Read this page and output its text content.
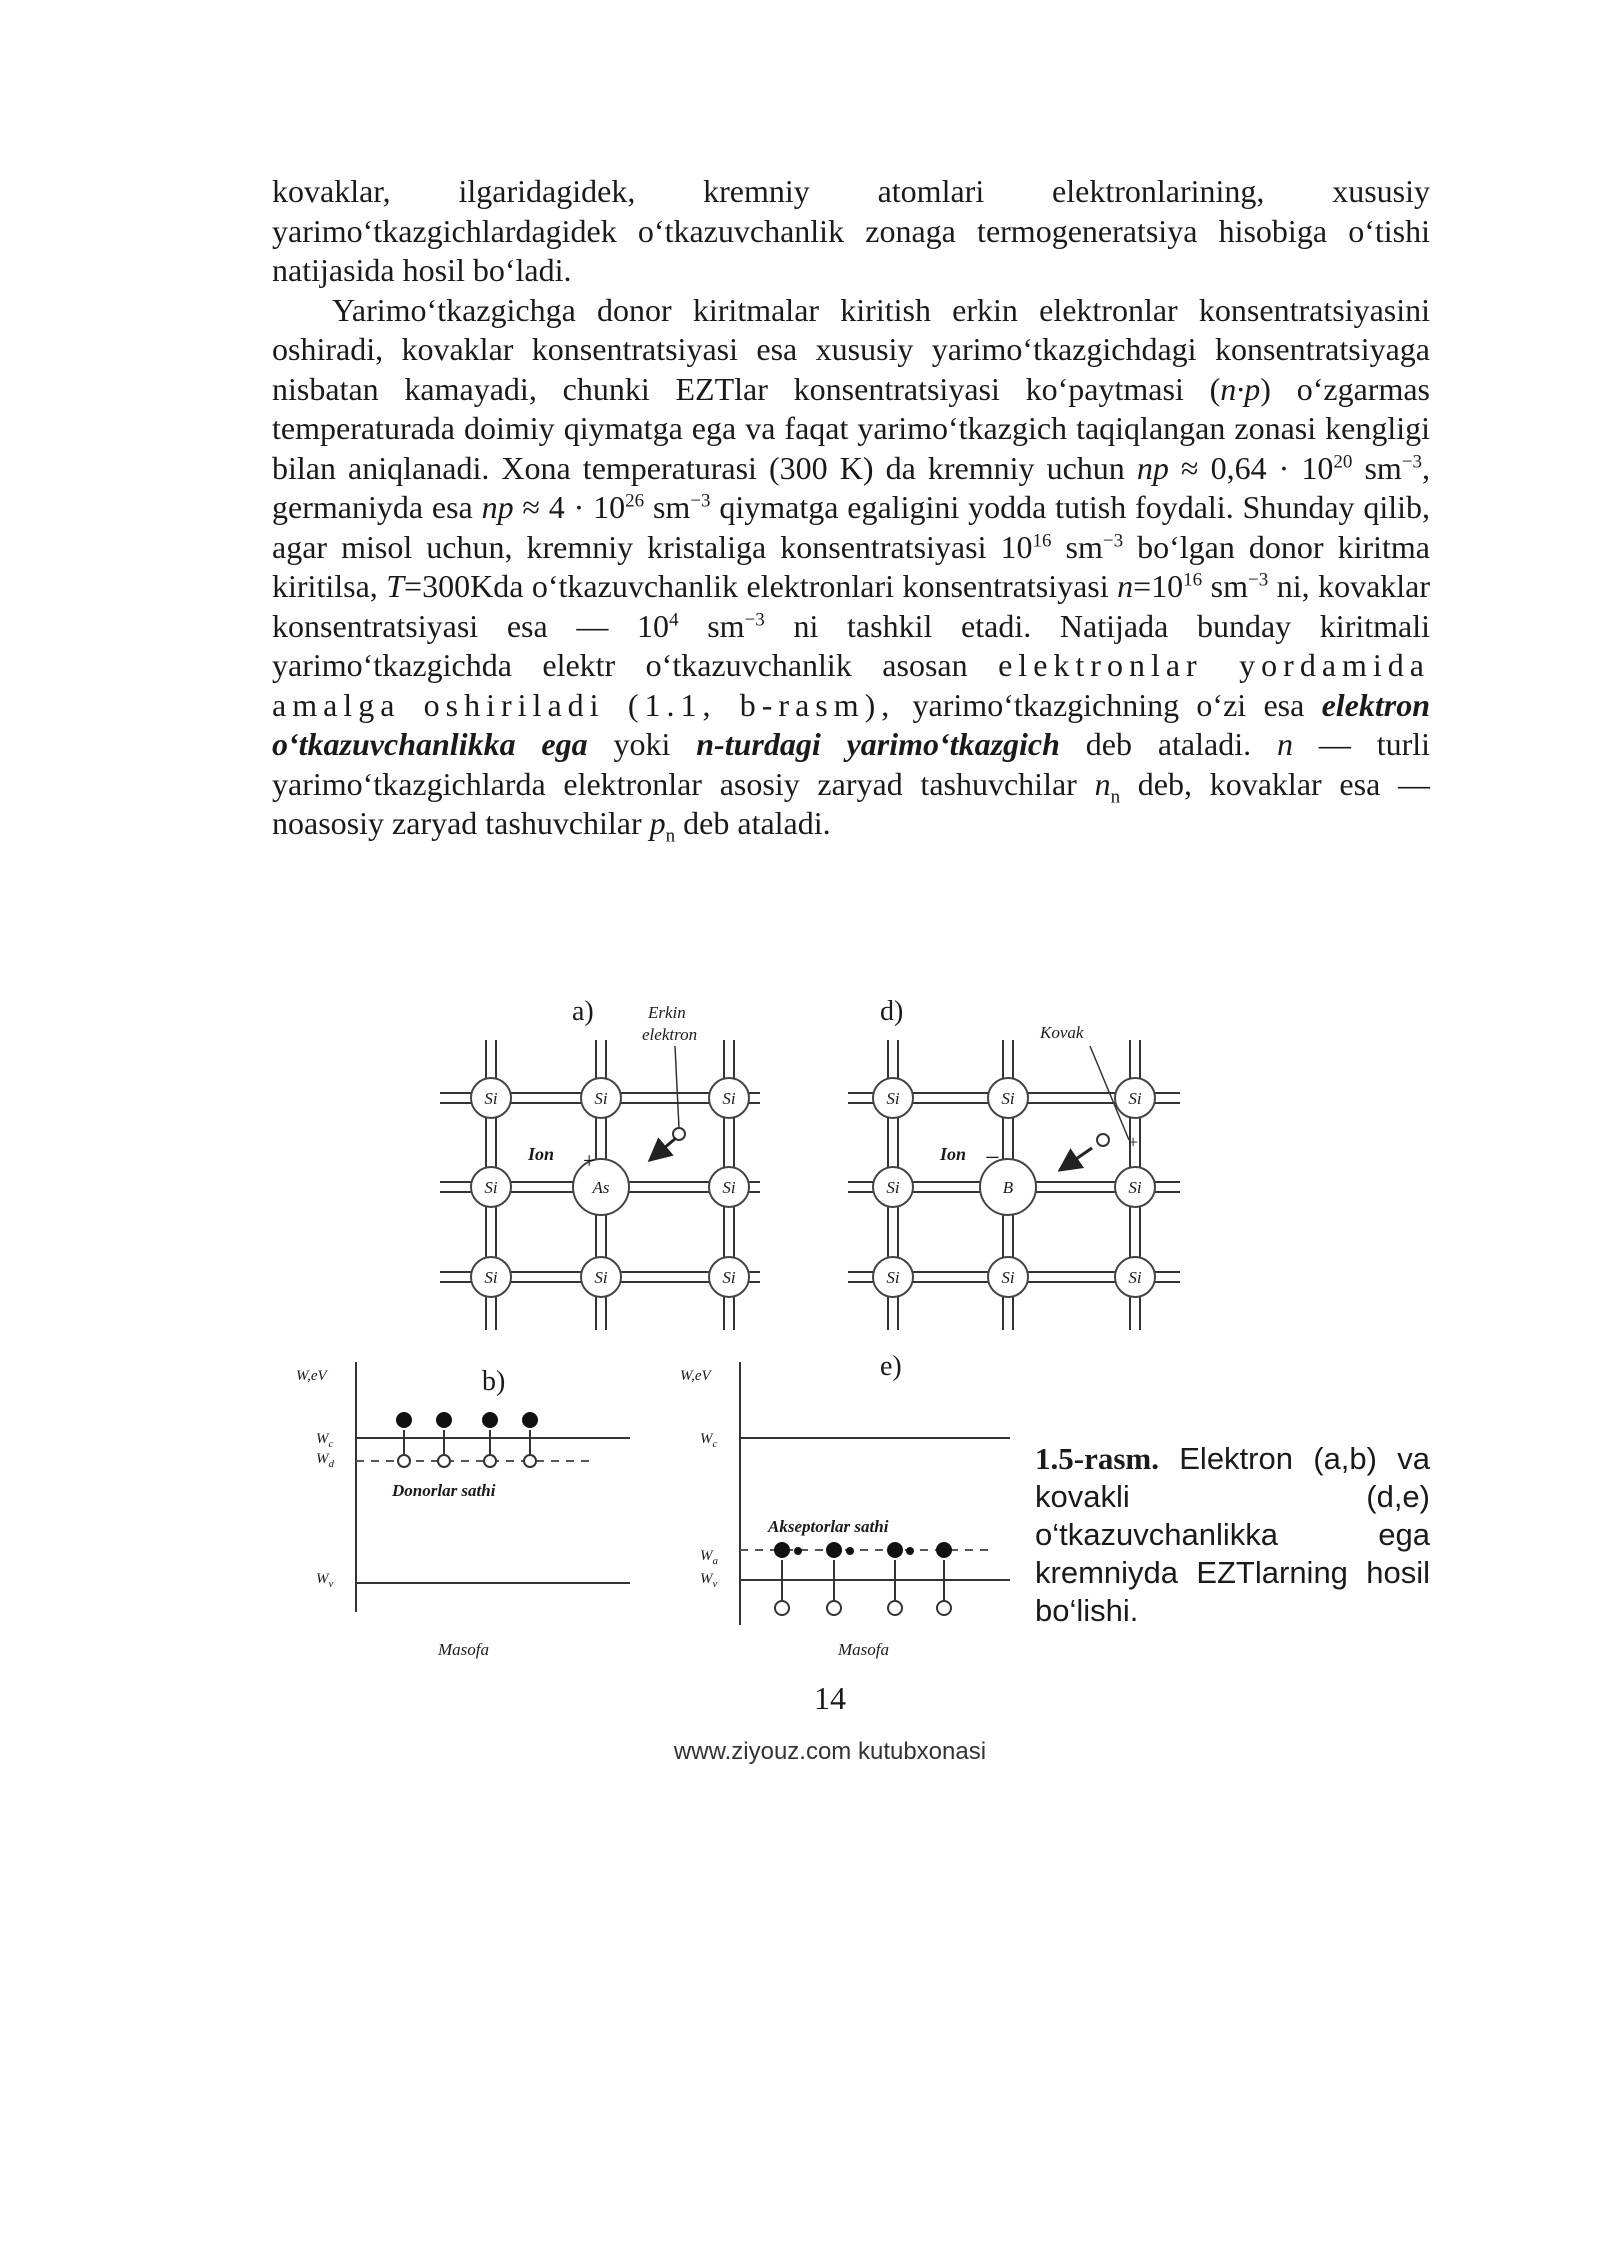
kovaklar, ilgaridagidek, kremniy atomlari elektronlarining, xususiy yarimo‘tkazgichlardagidek o‘tkazuvchanlik zonaga termogeneratsiya hisobiga o‘tishi natijasida hosil bo‘ladi.

Yarimo‘tkazgichga donor kiritmalar kiritish erkin elektronlar konsentratsiyasini oshiradi, kovaklar konsentratsiyasi esa xususiy yarimo‘tkazgichdagi konsentratsiyaga nisbatan kamayadi, chunki EZTlar konsentratsiyasi ko‘paytmasi (n·p) o‘zgarmas temperaturada doimiy qiymatga ega va faqat yarimo‘tkazgich taqiqlangan zonasi kengligi bilan aniqlanadi. Xona temperaturasi (300 K) da kremniy uchun np ≈ $0,64 \cdot 10^{20}$ $sm^{-3}$, germaniyda esa np ≈ $4 \cdot 10^{26}$ $sm^{-3}$ qiymatga egaligini yodda tutish foydali. Shunday qilib, agar misol uchun, kremniy kristaliga konsentratsiyasi $10^{16}$ $sm^{-3}$ bo‘lgan donor kiritma kiritilsa, T=300Kda o‘tkazuvchanlik elektronlari konsentratsiyasi $n=10^{16}$ $sm^{-3}$ ni, kovaklar konsentratsiyasi esa — $10^4$ $sm^{-3}$ ni tashkil etadi. Natijada bunday kiritmali yarimo‘tkazgichda elektr o‘tkazuvchanlik asosan elektronlar yordamida amalga oshiriladi (1.1, b-rasm), yarimo‘tkazgichning o‘zi esa elektron o‘tkazuvchanlikka ega yoki n-turdagi yarimo‘tkazgich deb ataladi. n — turli yarimo‘tkazgichlarda elektronlar asosiy zaryad tashuvchilar $n_n$ deb, kovaklar esa — noasosiy zaryad tashuvchilar $p_n$ deb ataladi.

a)	Erkin
elektron
Si	Si	Si
Si	As	Si
Si	Si	Si
Ion +
d)
Kovak
Si	Si	Si
Si	B	Si
Si	Si	Si
Ion −
+
b)
W,eV
$W_c$
$W_d$
$W_v$
Donorlar sathi
Masofa
e)
W,eV
$W_c$
$W_a$
$W_v$
Akseptorlar sathi
Masofa
1.5-rasm. Elektron (a,b) va kovakli (d,e) o‘tkazuvchanlikka ega kremniyda EZTlarning hosil bo‘lishi.
14
www.ziyouz.com kutubxonasi
